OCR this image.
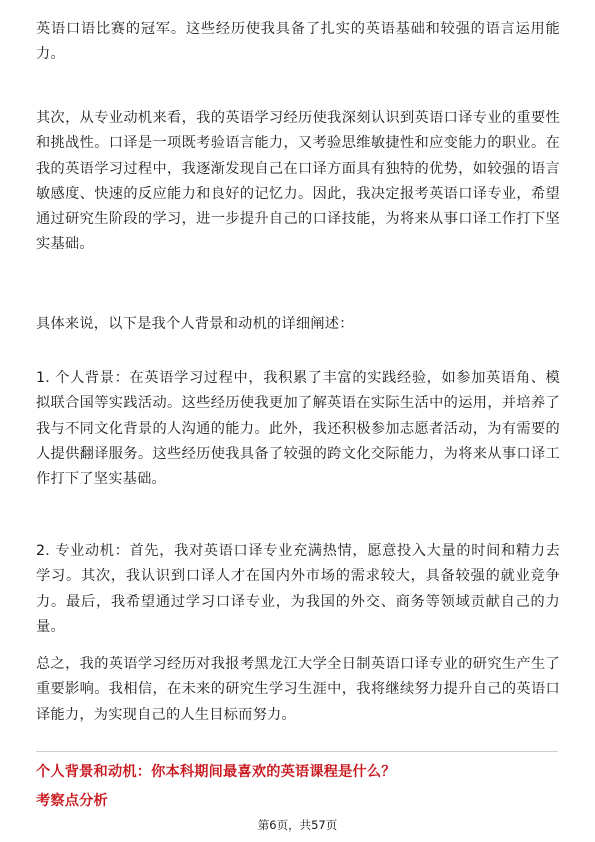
英语口语比赛的冠军。这些经历使我具备了扎实的英语基础和较强的语言运用能力。

其次，从专业动机来看，我的英语学习经历使我深刻认识到英语口译专业的重要性和挑战性。口译是一项既考验语言能力，又考验思维敏捷性和应变能力的职业。在我的英语学习过程中，我逐渐发现自己在口译方面具有独特的优势，如较强的语言敏感度、快速的反应能力和良好的记忆力。因此，我决定报考英语口译专业，希望通过研究生阶段的学习，进一步提升自己的口译技能，为将来从事口译工作打下坚实基础。

具体来说，以下是我个人背景和动机的详细阐述：

1. 个人背景：在英语学习过程中，我积累了丰富的实践经验，如参加英语角、模拟联合国等实践活动。这些经历使我更加了解英语在实际生活中的运用，并培养了我与不同文化背景的人沟通的能力。此外，我还积极参加志愿者活动，为有需要的人提供翻译服务。这些经历使我具备了较强的跨文化交际能力，为将来从事口译工作打下了坚实基础。

2. 专业动机：首先，我对英语口译专业充满热情，愿意投入大量的时间和精力去学习。其次，我认识到口译人才在国内外市场的需求较大，具备较强的就业竞争力。最后，我希望通过学习口译专业，为我国的外交、商务等领域贡献自己的力量。

总之，我的英语学习经历对我报考黑龙江大学全日制英语口译专业的研究生产生了重要影响。我相信，在未来的研究生学习生涯中，我将继续努力提升自己的英语口译能力，为实现自己的人生目标而努力。

个人背景和动机：你本科期间最喜欢的英语课程是什么？

考察点分析

第6页，共57页
